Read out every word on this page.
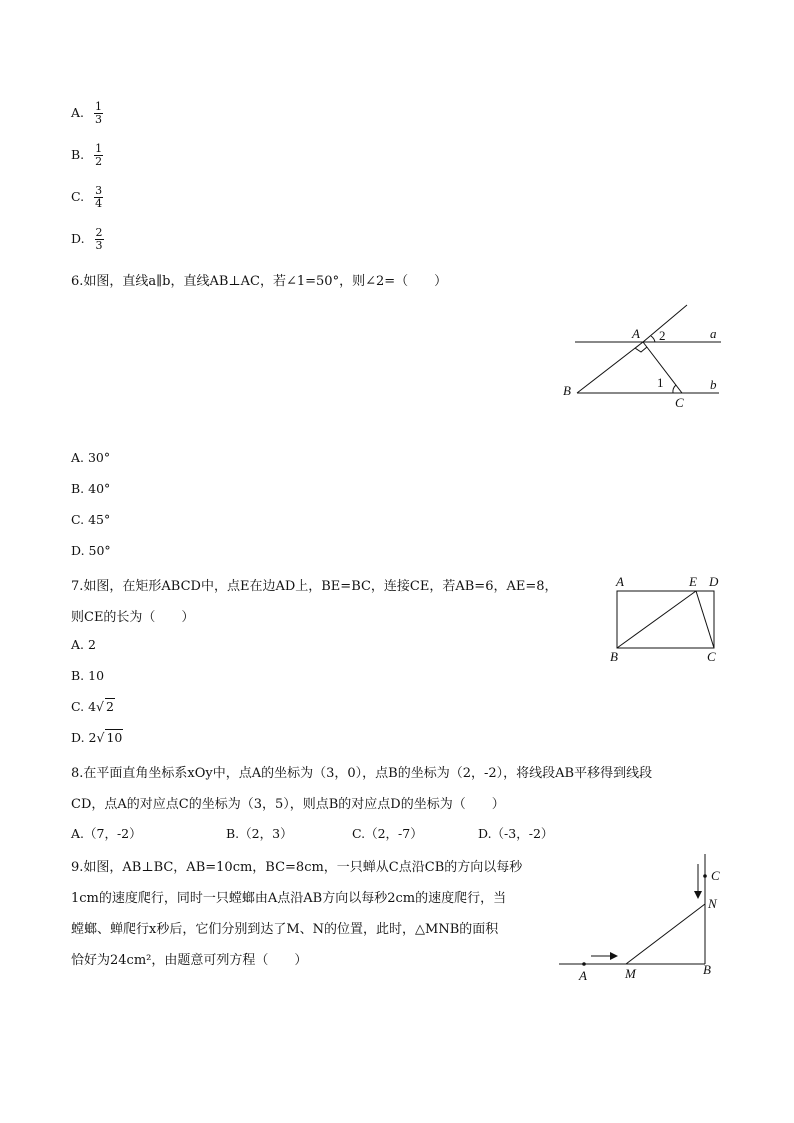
A. $\frac{1}{3}$
B. $\frac{1}{2}$
C. $\frac{3}{4}$
D. $\frac{2}{3}$
6.如图，直线a∥b，直线AB⊥AC，若∠1=50°，则∠2=（　　）
A 2	a
B
1	b
C
A. 30°
B. 40°
C. 45°
D. 50°
7.如图，在矩形ABCD中，点E在边AD上，BE=BC，连接CE，若AB=6，AE=8，
则CE的长为（　　）
A	E D
B	C
A. 2
B. 10
C. 4√ 2
D. 2√ 10
8.在平面直角坐标系xOy中，点A的坐标为（3，0），点B的坐标为（2，-2），将线段AB平移得到线段
CD，点A的对应点C的坐标为（3，5），则点B的对应点D的坐标为（　　）
A.（7，-2）	B.（2，3）	C.（2，-7）	D.（-3，-2）
9.如图，AB⊥BC，AB=10cm，BC=8cm，一只蝉从C点沿CB的方向以每秒
1cm的速度爬行，同时一只螳螂由A点沿AB方向以每秒2cm的速度爬行，当
螳螂、蝉爬行x秒后，它们分别到达了M、N的位置，此时，△MNB的面积
恰好为24cm²，由题意可列方程（　　）
C
N
A	M	B
